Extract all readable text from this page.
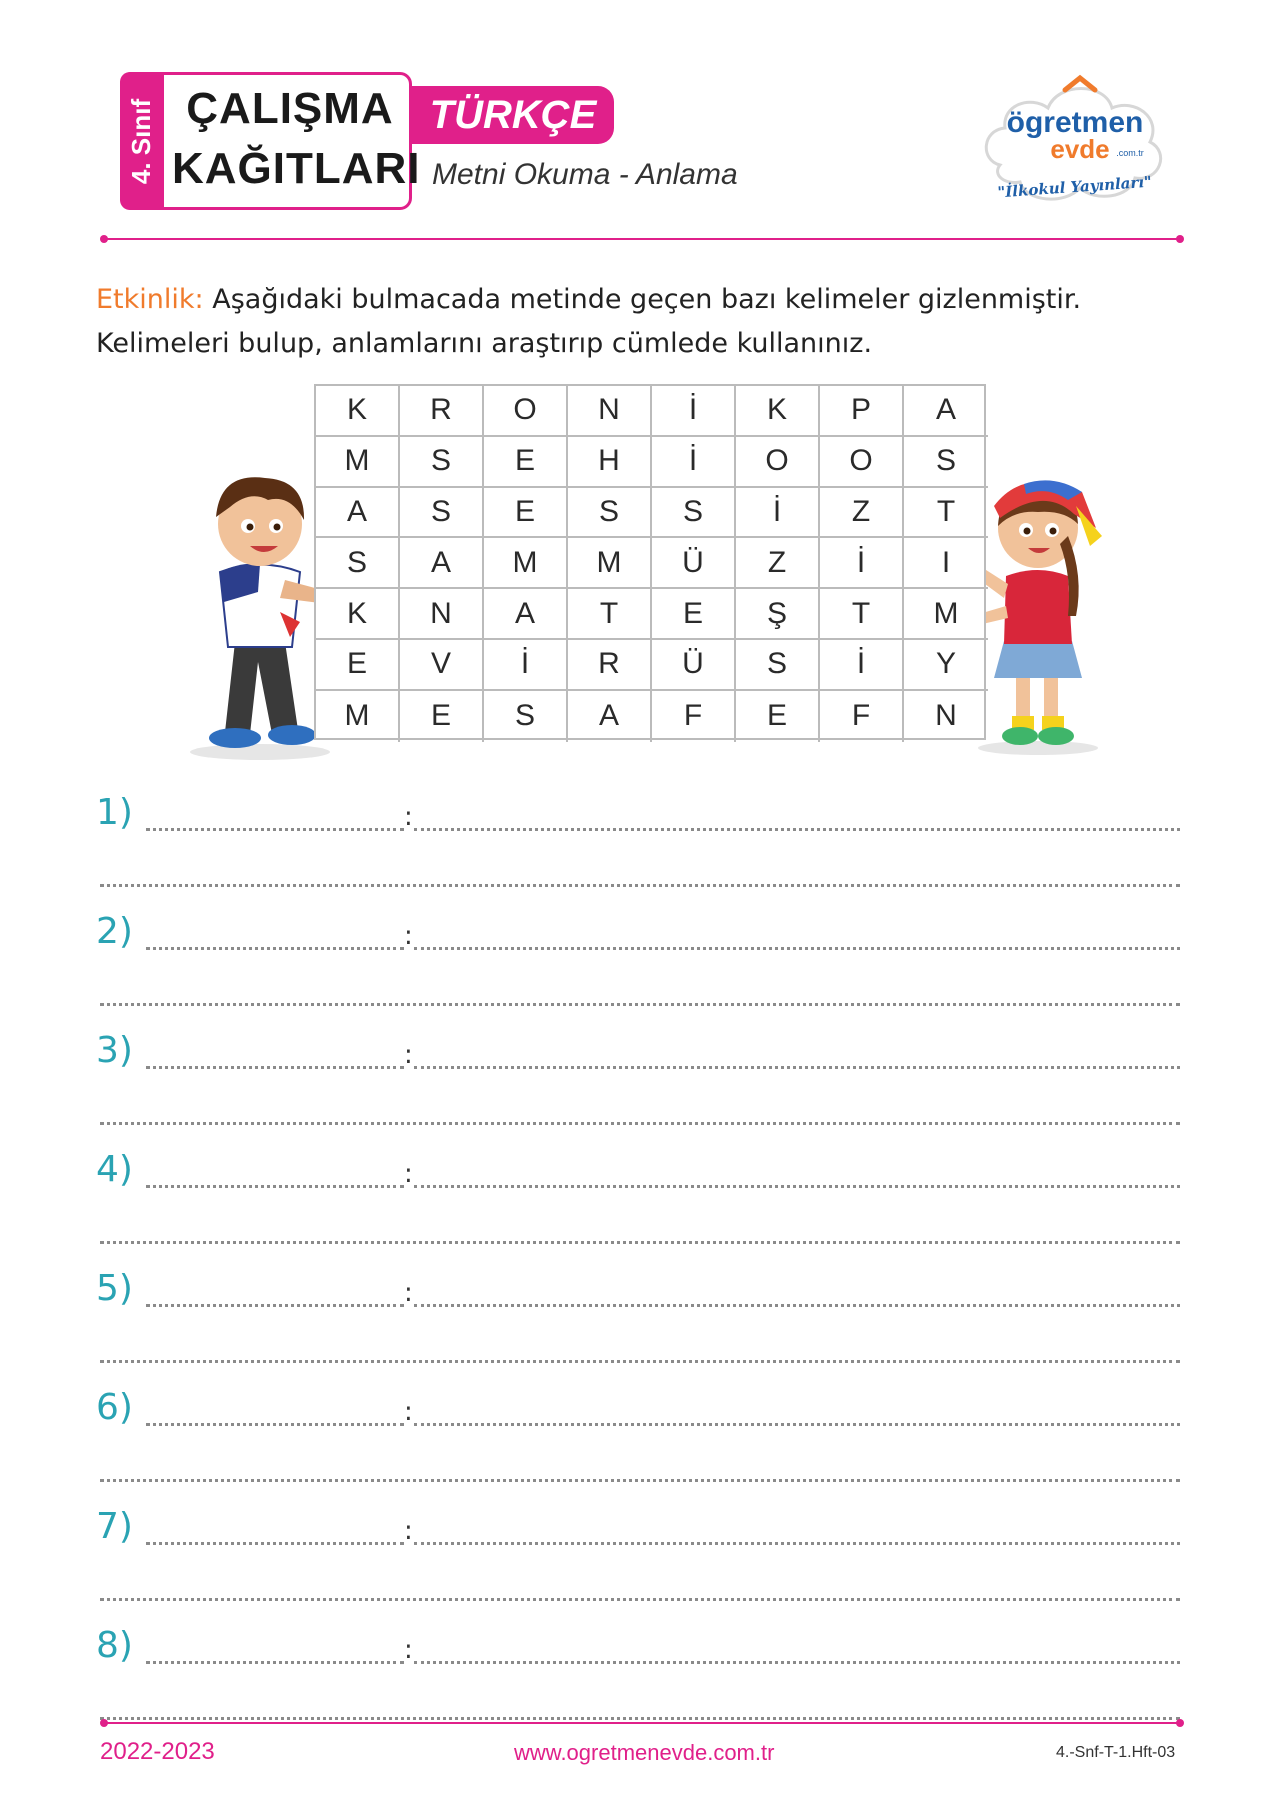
4. Sınıf ÇALIŞMA
KAĞITLARI
TÜRKÇE
Metni Okuma - Anlama
ögretmen
evde .com.tr
"İlkokul Yayınları"
Etkinlik: Aşağıdaki bulmacada metinde geçen bazı kelimeler gizlenmiştir. Kelimeleri bulup, anlamlarını araştırıp cümlede kullanınız.
K	R	O	N	İ	K	P	A
M	S	E	H	İ	O	O	S
A	S	E	S	S	İ	Z	T
S	A	M	M	Ü	Z	İ	I
K	N	A	T	E	Ş	T	M
E	V	İ	R	Ü	S	İ	Y
M	E	S	A	F	E	F	N
1)	:
2)	:
3)	:
4)	:
5)	:
6)	:
7)	:
8)	:
2022-2023	www.ogretmenevde.com.tr	4.-Snf-T-1.Hft-03
